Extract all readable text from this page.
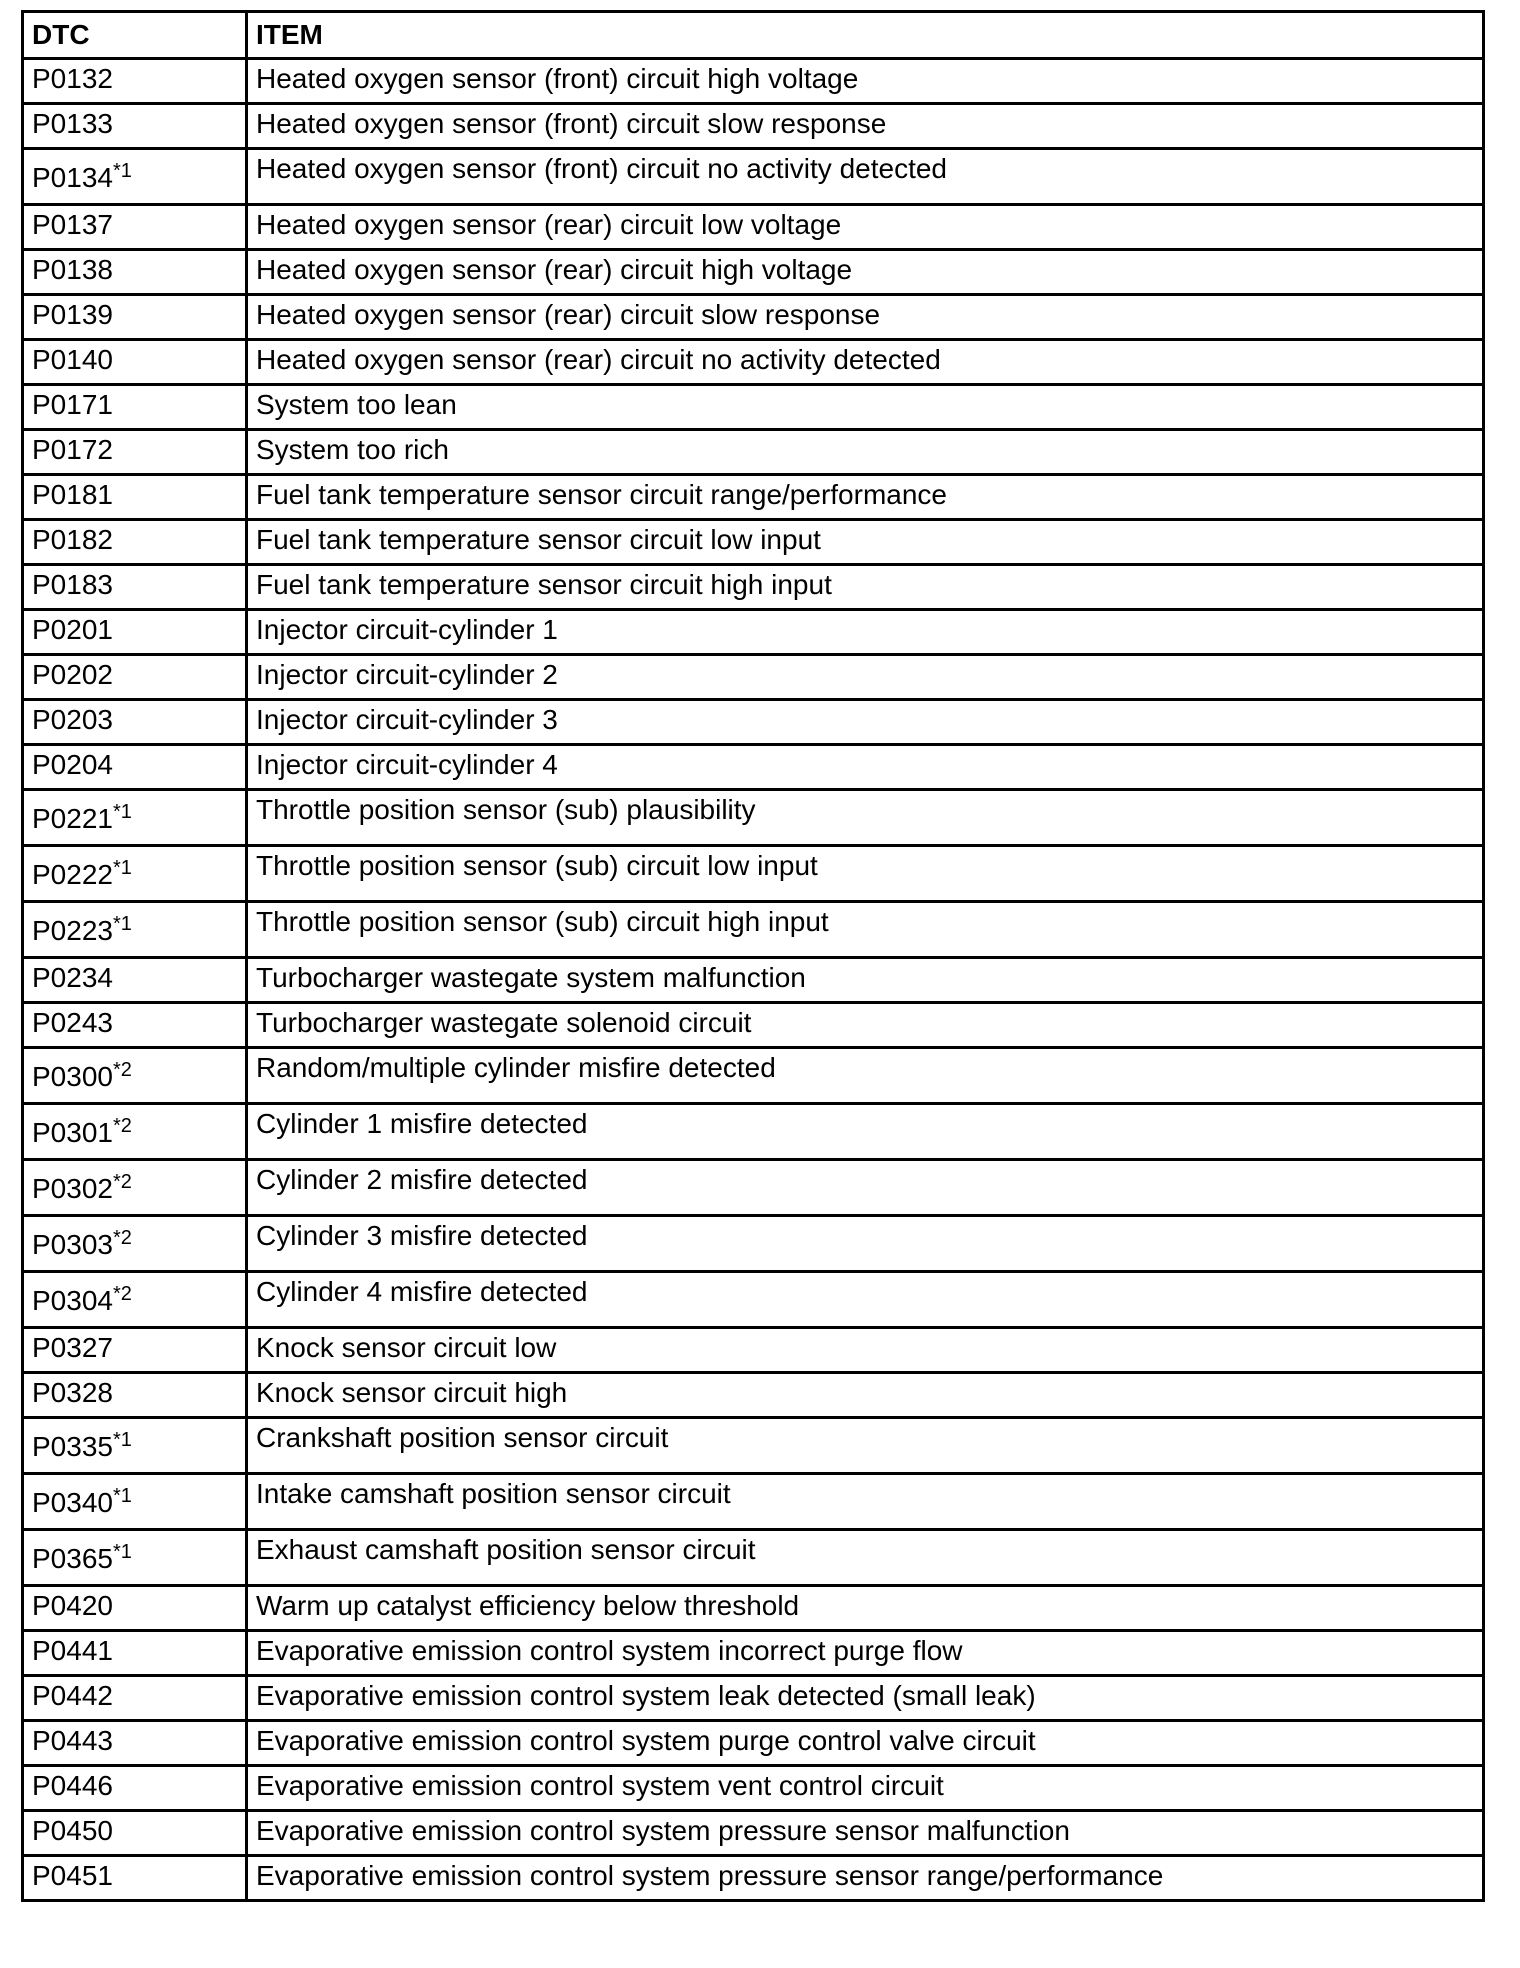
DTC	ITEM
P0132	Heated oxygen sensor (front) circuit high voltage
P0133	Heated oxygen sensor (front) circuit slow response
P0134$^{*1}$	Heated oxygen sensor (front) circuit no activity detected
P0137	Heated oxygen sensor (rear) circuit low voltage
P0138	Heated oxygen sensor (rear) circuit high voltage
P0139	Heated oxygen sensor (rear) circuit slow response
P0140	Heated oxygen sensor (rear) circuit no activity detected
P0171	System too lean
P0172	System too rich
P0181	Fuel tank temperature sensor circuit range/performance
P0182	Fuel tank temperature sensor circuit low input
P0183	Fuel tank temperature sensor circuit high input
P0201	Injector circuit-cylinder 1
P0202	Injector circuit-cylinder 2
P0203	Injector circuit-cylinder 3
P0204	Injector circuit-cylinder 4
P0221$^{*1}$	Throttle position sensor (sub) plausibility
P0222$^{*1}$	Throttle position sensor (sub) circuit low input
P0223$^{*1}$	Throttle position sensor (sub) circuit high input
P0234	Turbocharger wastegate system malfunction
P0243	Turbocharger wastegate solenoid circuit
P0300$^{*2}$	Random/multiple cylinder misfire detected
P0301$^{*2}$	Cylinder 1 misfire detected
P0302$^{*2}$	Cylinder 2 misfire detected
P0303$^{*2}$	Cylinder 3 misfire detected
P0304$^{*2}$	Cylinder 4 misfire detected
P0327	Knock sensor circuit low
P0328	Knock sensor circuit high
P0335$^{*1}$	Crankshaft position sensor circuit
P0340$^{*1}$	Intake camshaft position sensor circuit
P0365$^{*1}$	Exhaust camshaft position sensor circuit
P0420	Warm up catalyst efficiency below threshold
P0441	Evaporative emission control system incorrect purge flow
P0442	Evaporative emission control system leak detected (small leak)
P0443	Evaporative emission control system purge control valve circuit
P0446	Evaporative emission control system vent control circuit
P0450	Evaporative emission control system pressure sensor malfunction
P0451	Evaporative emission control system pressure sensor range/performance
